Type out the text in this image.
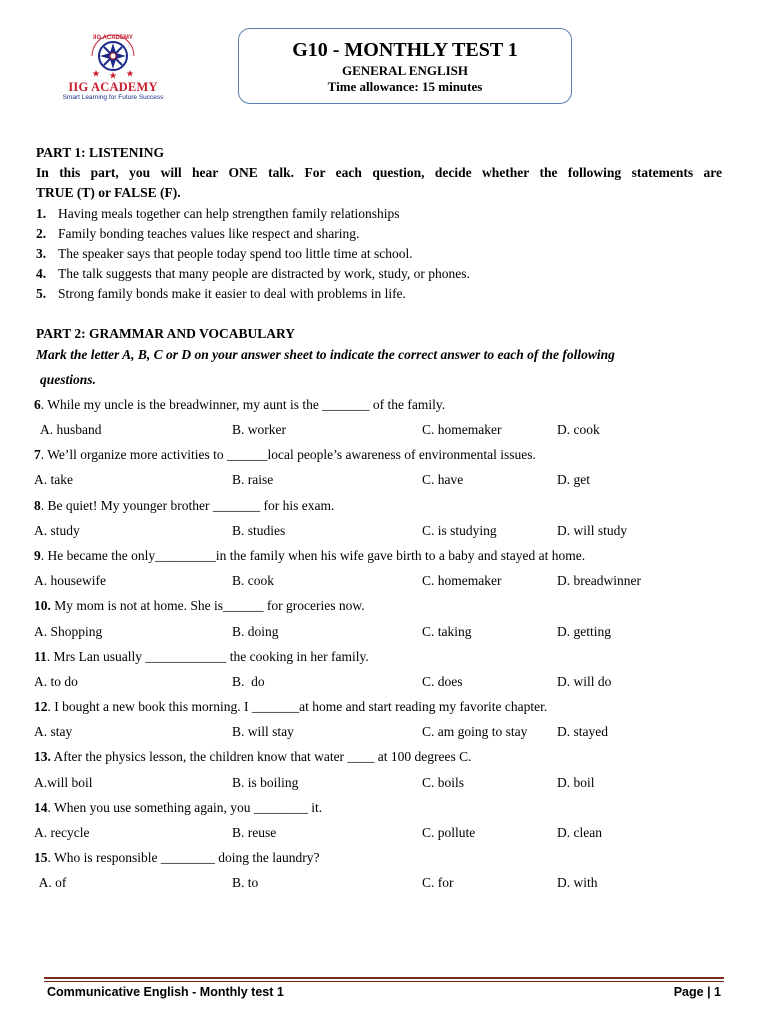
IIG ACADEMY
IIG ACADEMY
Smart Learning for Future Success
G10 - MONTHLY TEST 1
GENERAL ENGLISH
Time allowance: 15 minutes
PART 1: LISTENING
In this part, you will hear ONE talk. For each question, decide whether the following statements are
TRUE (T) or FALSE (F).
1. Having meals together can help strengthen family relationships
2. Family bonding teaches values like respect and sharing.
3. The speaker says that people today spend too little time at school.
4. The talk suggests that many people are distracted by work, study, or phones.
5. Strong family bonds make it easier to deal with problems in life.
PART 2: GRAMMAR AND VOCABULARY
Mark the letter A, B, C or D on your answer sheet to indicate the correct answer to each of the following
questions.
6. While my uncle is the breadwinner, my aunt is the _______ of the family.
A. husband	B. worker	C. homemaker	D. cook
7. We’ll organize more activities to ______local people’s awareness of environmental issues.
A. take	B. raise	C. have	D. get
8. Be quiet! My younger brother _______ for his exam.
A. study	B. studies	C. is studying	D. will study
9. He became the only_________in the family when his wife gave birth to a baby and stayed at home.
A. housewife	B. cook	C. homemaker	D. breadwinner
10. My mom is not at home. She is______ for groceries now.
A. Shopping	B. doing	C. taking	D. getting
11. Mrs Lan usually ____________ the cooking in her family.
A. to do	B.  do	C. does	D. will do
12. I bought a new book this morning. I _______at home and start reading my favorite chapter.
A. stay	B. will stay	C. am going to stay D. stayed
13. After the physics lesson, the children know that water ____ at 100 degrees C.
A.will boil	B. is boiling	C. boils	D. boil
14. When you use something again, you ________ it.
A. recycle	B. reuse	C. pollute	D. clean
15. Who is responsible ________ doing the laundry?
A. of	B. to	C. for	D. with
Communicative English - Monthly test 1	Page | 1
